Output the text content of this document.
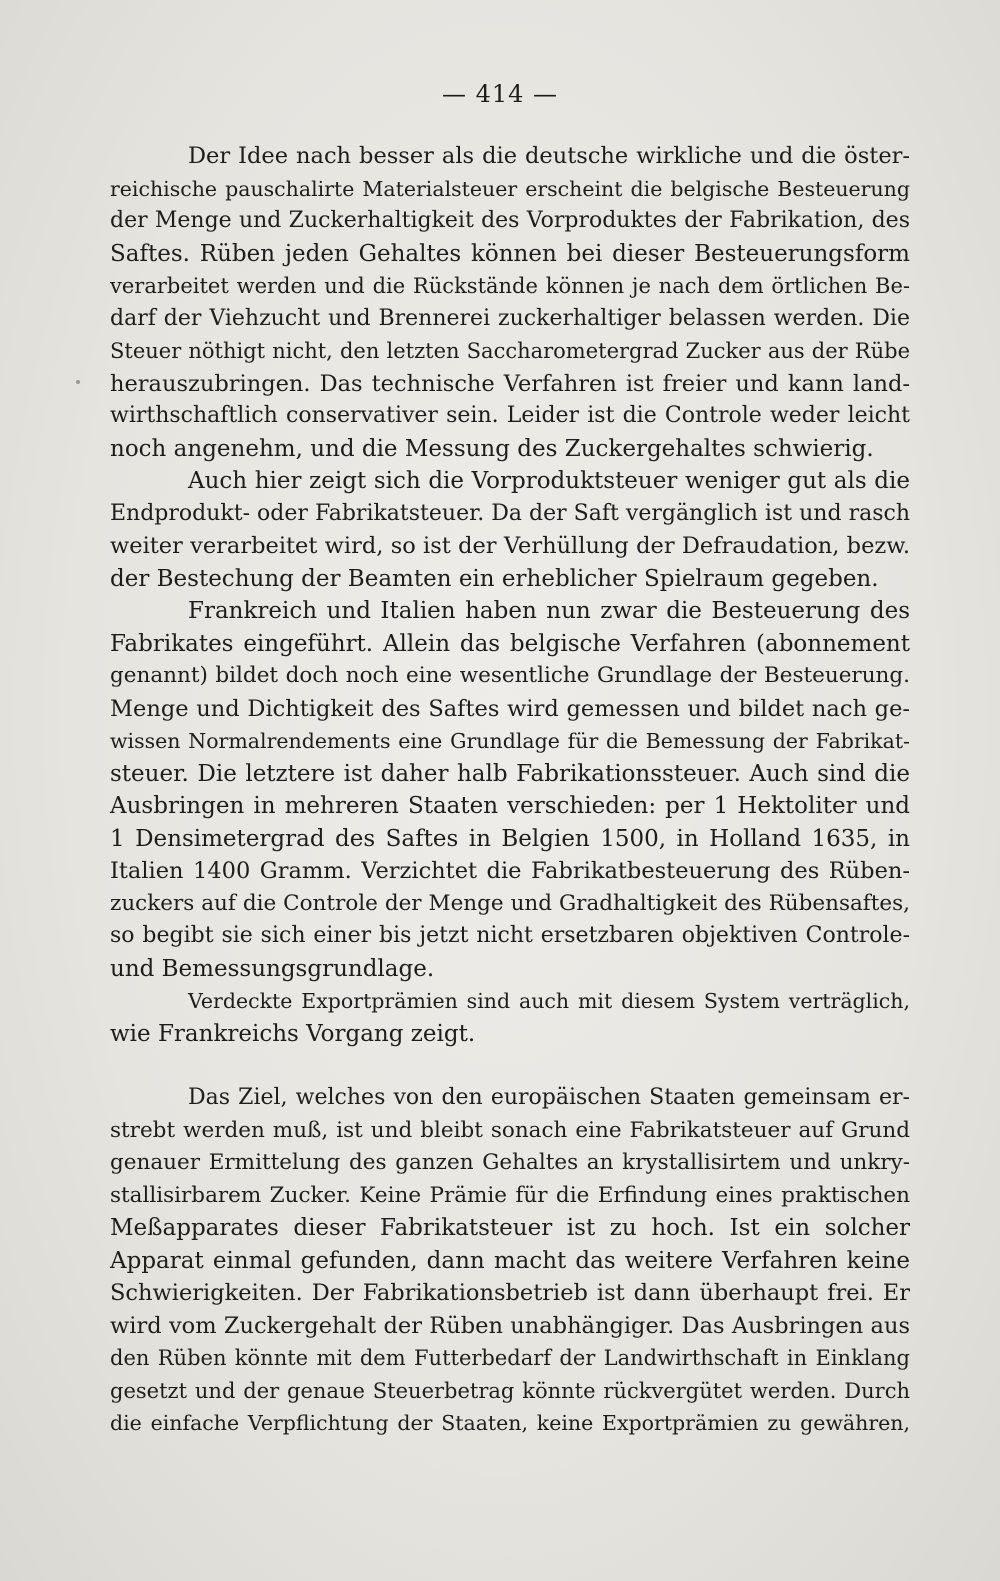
— 414 —
Der Idee nach besser als die deutsche wirkliche und die öster-
reichische pauschalirte Materialsteuer erscheint die belgische Besteuerung
der Menge und Zuckerhaltigkeit des Vorproduktes der Fabrikation, des
Saftes. Rüben jeden Gehaltes können bei dieser Besteuerungsform
verarbeitet werden und die Rückstände können je nach dem örtlichen Be-
darf der Viehzucht und Brennerei zuckerhaltiger belassen werden. Die
Steuer nöthigt nicht, den letzten Saccharometergrad Zucker aus der Rübe
herauszubringen. Das technische Verfahren ist freier und kann land-
wirthschaftlich conservativer sein. Leider ist die Controle weder leicht
noch angenehm, und die Messung des Zuckergehaltes schwierig.
Auch hier zeigt sich die Vorproduktsteuer weniger gut als die
Endprodukt- oder Fabrikatsteuer. Da der Saft vergänglich ist und rasch
weiter verarbeitet wird, so ist der Verhüllung der Defraudation, bezw.
der Bestechung der Beamten ein erheblicher Spielraum gegeben.
Frankreich und Italien haben nun zwar die Besteuerung des
Fabrikates eingeführt. Allein das belgische Verfahren (abonnement
genannt) bildet doch noch eine wesentliche Grundlage der Besteuerung.
Menge und Dichtigkeit des Saftes wird gemessen und bildet nach ge-
wissen Normalrendements eine Grundlage für die Bemessung der Fabrikat-
steuer. Die letztere ist daher halb Fabrikationssteuer. Auch sind die
Ausbringen in mehreren Staaten verschieden: per 1 Hektoliter und
1 Densimetergrad des Saftes in Belgien 1500, in Holland 1635, in
Italien 1400 Gramm. Verzichtet die Fabrikatbesteuerung des Rüben-
zuckers auf die Controle der Menge und Gradhaltigkeit des Rübensaftes,
so begibt sie sich einer bis jetzt nicht ersetzbaren objektiven Controle-
und Bemessungsgrundlage.
Verdeckte Exportprämien sind auch mit diesem System verträglich,
wie Frankreichs Vorgang zeigt.
Das Ziel, welches von den europäischen Staaten gemeinsam er-
strebt werden muß, ist und bleibt sonach eine Fabrikatsteuer auf Grund
genauer Ermittelung des ganzen Gehaltes an krystallisirtem und unkry-
stallisirbarem Zucker. Keine Prämie für die Erfindung eines praktischen
Meßapparates dieser Fabrikatsteuer ist zu hoch. Ist ein solcher
Apparat einmal gefunden, dann macht das weitere Verfahren keine
Schwierigkeiten. Der Fabrikationsbetrieb ist dann überhaupt frei. Er
wird vom Zuckergehalt der Rüben unabhängiger. Das Ausbringen aus
den Rüben könnte mit dem Futterbedarf der Landwirthschaft in Einklang
gesetzt und der genaue Steuerbetrag könnte rückvergütet werden. Durch
die einfache Verpflichtung der Staaten, keine Exportprämien zu gewähren,
